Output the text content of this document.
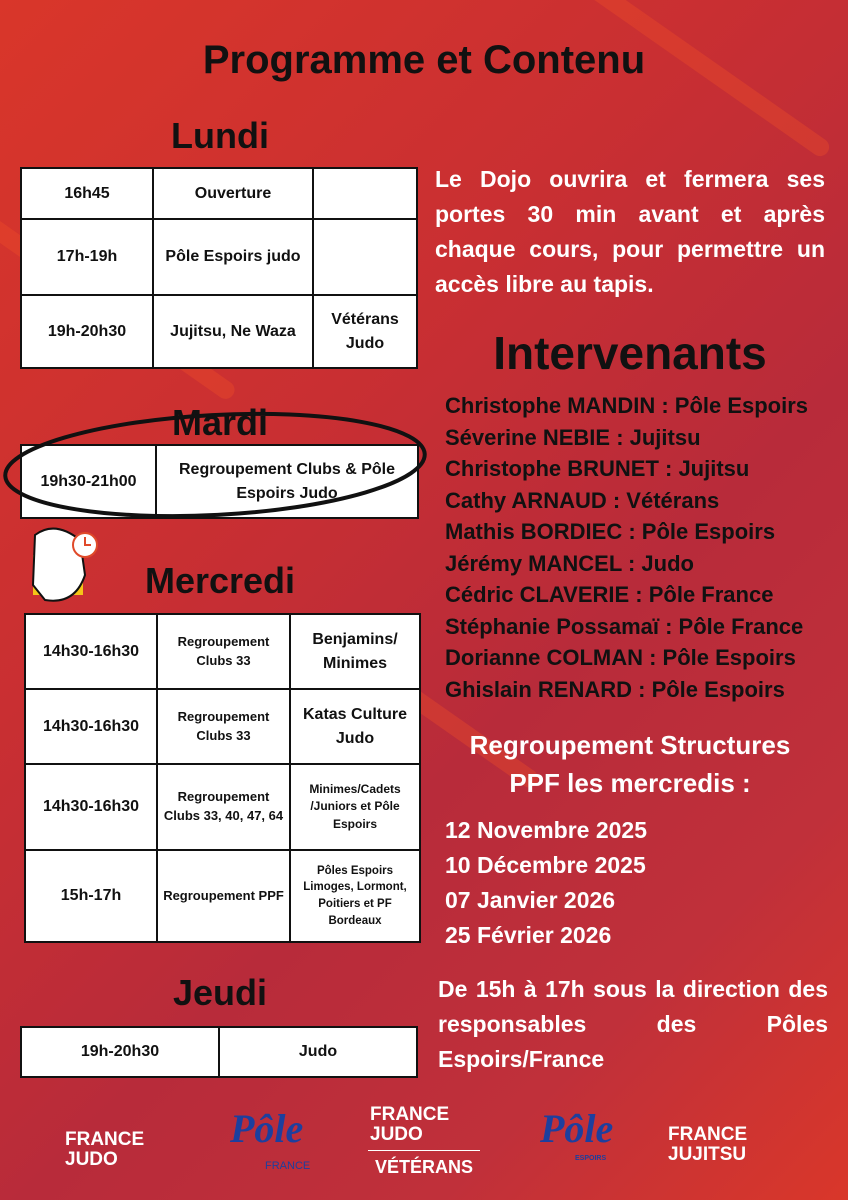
Programme et Contenu
Lundi
16h45	Ouverture	
17h-19h	Pôle Espoirs judo	
19h-20h30	Jujitsu, Ne Waza	Vétérans Judo
Mardi
19h30-21h00	Regroupement Clubs & Pôle Espoirs Judo
Mercredi
14h30-16h30	Regroupement Clubs 33	Benjamins/ Minimes
14h30-16h30	Regroupement Clubs 33	Katas Culture Judo
14h30-16h30	Regroupement Clubs 33, 40, 47, 64	Minimes/Cadets /Juniors et Pôle Espoirs
15h-17h	Regroupement PPF	Pôles Espoirs Limoges, Lormont, Poitiers et PF Bordeaux
Jeudi
19h-20h30	Judo
Le Dojo ouvrira et fermera ses portes 30 min avant et après chaque cours, pour permettre un accès libre au tapis.
Intervenants
Christophe MANDIN : Pôle Espoirs
Séverine NEBIE : Jujitsu
Christophe BRUNET : Jujitsu
Cathy ARNAUD : Vétérans
Mathis BORDIEC : Pôle Espoirs
Jérémy MANCEL : Judo
Cédric CLAVERIE : Pôle France
Stéphanie Possamaï : Pôle France
Dorianne COLMAN : Pôle Espoirs
Ghislain RENARD : Pôle Espoirs
Regroupement Structures
PPF les mercredis :
12 Novembre 2025
10 Décembre 2025
07 Janvier 2026
25 Février 2026
De 15h à 17h sous la direction des responsables des Pôles Espoirs/France
FRANCE JUDO
Pôle
FRANCE
FRANCE JUDO
VÉTÉRANS
Pôle
ESPOIRS
FRANCE JUJITSU
